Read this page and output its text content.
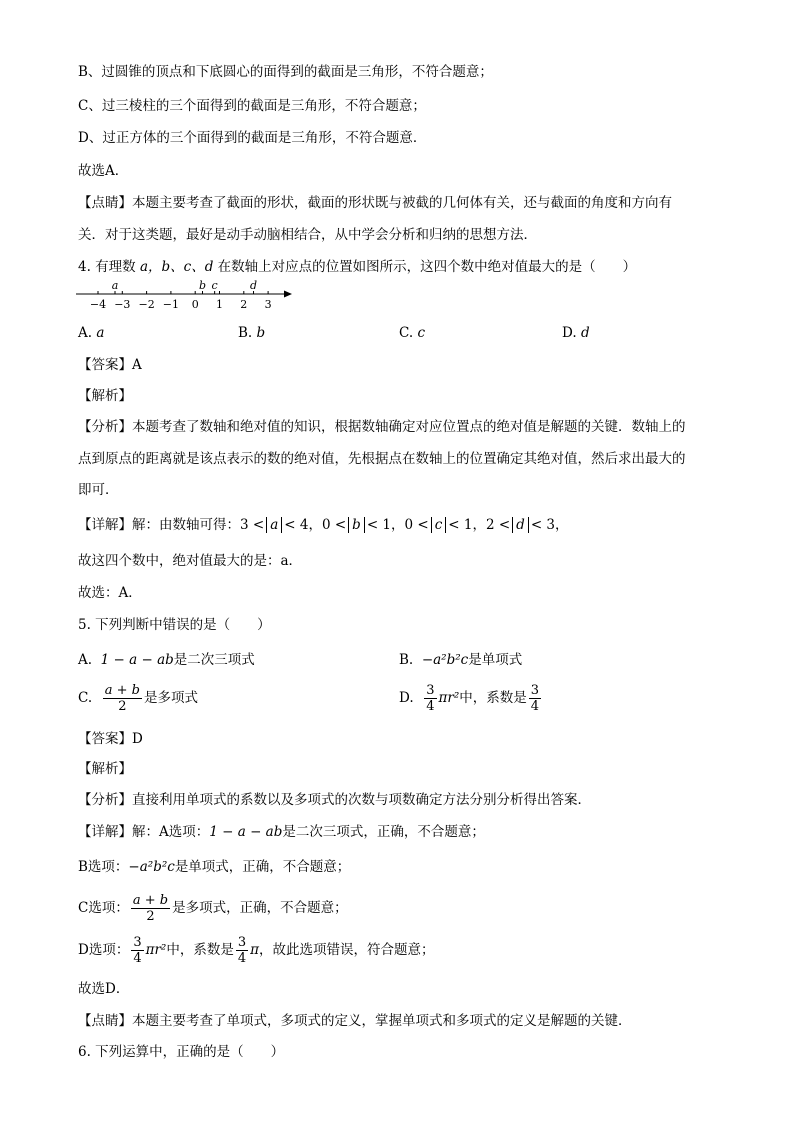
B、过圆锥的顶点和下底圆心的面得到的截面是三角形，不符合题意；
C、过三棱柱的三个面得到的截面是三角形，不符合题意；
D、过正方体的三个面得到的截面是三角形，不符合题意．
故选A．
【点睛】本题主要考查了截面的形状，截面的形状既与被截的几何体有关，还与截面的角度和方向有
关．对于这类题，最好是动手动脑相结合，从中学会分析和归纳的思想方法．
4. 有理数 a，b、c、d 在数轴上对应点的位置如图所示，这四个数中绝对值最大的是（　　）
−4 −3 −2 −1 0 1 2 3
a	b c	d
A. a	B. b	C. c	D. d
【答案】A
【解析】
【分析】本题考查了数轴和绝对值的知识，根据数轴确定对应位置点的绝对值是解题的关键．数轴上的
点到原点的距离就是该点表示的数的绝对值，先根据点在数轴上的位置确定其绝对值，然后求出最大的
即可．
【详解】解：由数轴可得：3 < a < 4，0 < b < 1，0 < c < 1，2 < d < 3，
故这四个数中，绝对值最大的是：a．
故选：A．
5. 下列判断中错误的是（　　）
A. 1 − a − ab是二次三项式	B. −a²b²c是单项式
C. $\frac{a + b}{2}$ 是多项式	D. $\frac{3}{4} \pi r^2$中，系数是 $\frac{3}{4}$
【答案】D
【解析】
【分析】直接利用单项式的系数以及多项式的次数与项数确定方法分别分析得出答案．
【详解】解：A选项：1 − a − ab是二次三项式，正确，不合题意；
B选项：−a²b²c是单项式，正确，不合题意；
C选项： $\frac{a + b}{2}$ 是多项式，正确，不合题意；
D选项： $\frac{3}{4} \pi r^2$中，系数是 $\frac{3}{4}$ π，故此选项错误，符合题意；
故选D．
【点睛】本题主要考查了单项式，多项式的定义，掌握单项式和多项式的定义是解题的关键．
6. 下列运算中，正确的是（　　）
